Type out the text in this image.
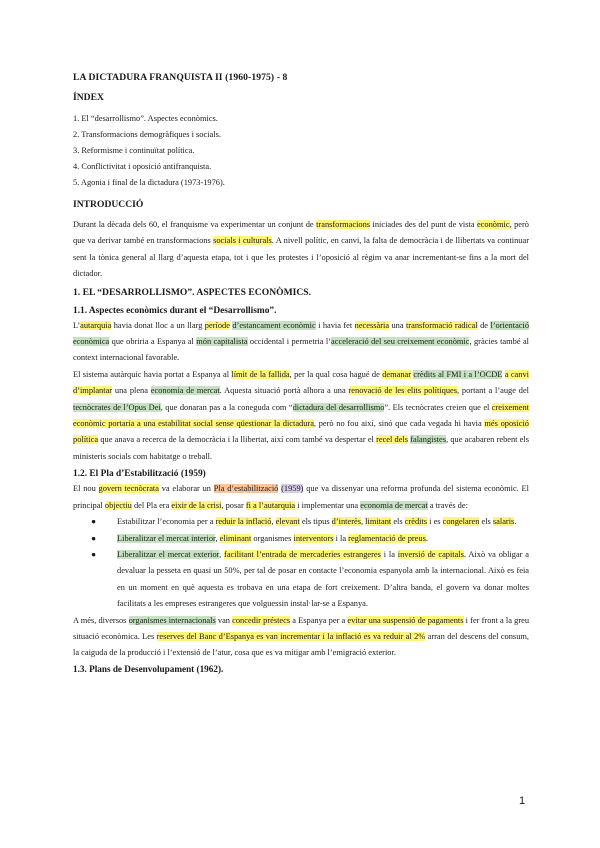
LA DICTADURA FRANQUISTA II (1960-1975) - 8
ÍNDEX
1. El “desarrollismo”. Aspectes econòmics.
2. Transformacions demogràfiques i socials.
3. Reformisme i continuïtat política.
4. Conflictivitat i oposició antifranquista.
5. Agonia i final de la dictadura (1973-1976).
INTRODUCCIÓ

Durant la dècada dels 60, el franquisme va experimentar un conjunt de transformacions iniciades des del punt de vista econòmic, però que va derivar també en transformacions socials i culturals. A nivell polític, en canvi, la falta de democràcia i de llibertats va continuar sent la tònica general al llarg d’aquesta etapa, tot i que les protestes i l’oposició al règim va anar incrementant-se fins a la mort del dictador.

1. EL “DESARROLLISMO”. ASPECTES ECONÒMICS.
1.1. Aspectes econòmics durant el “Desarrollismo”.

L’autarquia havia donat lloc a un llarg període d’estancament econòmic i havia fet necessària una transformació radical de l’orientació econòmica que obriria a Espanya al món capitalista occidental i permetria l’acceleració del seu creixement econòmic, gràcies també al context internacional favorable.

El sistema autàrquic havia portat a Espanya al límit de la fallida, per la qual cosa hagué de demanar crèdits al FMI i a l’OCDE a canvi d’implantar una plena economia de mercat. Aquesta situació portà alhora a una renovació de les elits polítiques, portant a l’auge del tecnòcrates de l’Opus Dei, que donaran pas a la coneguda com “dictadura del desarrollismo”. Els tecnòcrates creien que el creixement econòmic portaria a una estabilitat social sense qüestionar la dictadura, però no fou així, sinó que cada vegada hi havia més oposició política que anava a recerca de la democràcia i la llibertat, així com també va despertar el recel dels falangistes, que acabaren rebent els ministeris socials com habitatge o treball.

1.2. El Pla d’Estabilització (1959)

El nou govern tecnòcrata va elaborar un Pla d’estabilització (1959) que va dissenyar una reforma profunda del sistema econòmic. El principal objectiu del Pla era eixir de la crisi, posar fi a l’autarquia i implementar una economia de mercat a través de:

● Estabilitzar l’economia per a reduir la inflació, elevant els tipus d’interès, limitant els crèdits i es congelaren els salaris.
● Liberalitzar el mercat interior, eliminant organismes interventors i la reglamentació de preus.
● Liberalitzar el mercat exterior, facilitant l’entrada de mercaderies estrangeres i la inversió de capitals. Això va obligar a devaluar la pesseta en quasi un 50%, per tal de posar en contacte l’economia espanyola amb la internacional. Això es feia en un moment en què aquesta es trobava en una etapa de fort creixement. D’altra banda, el govern va donar moltes facilitats a les empreses estrangeres que volguessin instal·lar-se a Espanya.

A més, diversos organismes internacionals van concedir préstecs a Espanya per a evitar una suspensió de pagaments i fer front a la greu situació econòmica. Les reserves del Banc d’Espanya es van incrementar i la inflació es va reduir al 2% arran del descens del consum, la caiguda de la producció i l’extensió de l’atur, cosa que es va mitigar amb l’emigració exterior.

1.3. Plans de Desenvolupament (1962).
1
